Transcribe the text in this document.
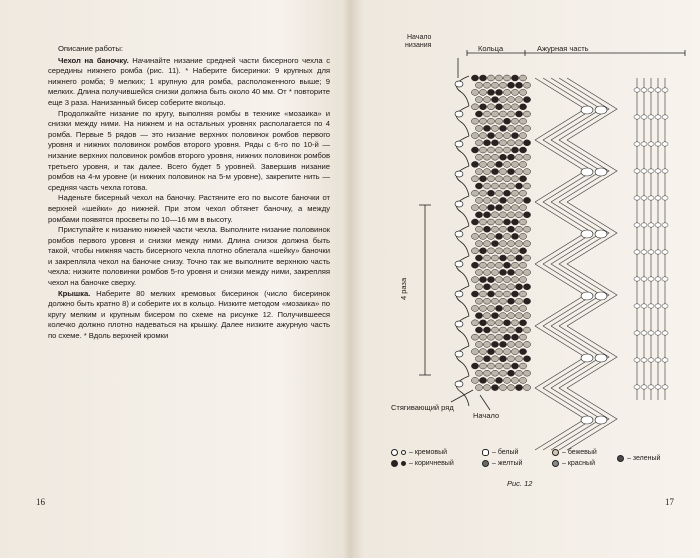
Описание работы:

Чехол на баночку. Начинайте низание средней части бисерного чехла с середины нижнего ромба (рис. 11). * Наберите бисеринки: 9 крупных для нижнего ромба; 9 мелких; 1 крупную для ромба, расположенного выше; 9 мелких. Длина получившейся снизки должна быть около 40 мм. От * повторите еще 3 раза. Нанизанный бисер соберите вкольцо.

Продолжайте низание по кругу, выполняя ромбы в технике «мозаика» и снизки между ними. На нижнем и на остальных уровнях располагается по 4 ромба. Первые 5 рядов — это низание верхних половинок ромбов первого уровня и нижних половинок ромбов второго уровня. Ряды с 6-го по 10-й — низание верхних половинок ромбов второго уровня, нижних половинок ромбов третьего уровня, и так далее. Всего будет 5 уровней. Завершив низание ромбов на 4-м уровне (и нижних половинок на 5-м уровне), закрепите нить — средняя часть чехла готова.

Наденьте бисерный чехол на баночку. Растяните его по высоте баночки от верхней «шейки» до нижней. При этом чехол обтянет баночку, а между ромбами появятся просветы по 10—16 мм в высоту.

Приступайте к низанию нижней части чехла. Выполните низание половинок ромбов первого уровня и снизки между ними. Длина снизок должна быть такой, чтобы нижняя часть бисерного чехла плотно облегала «шейку» баночки и закрепляла чехол на баночке снизу. Точно так же выполните верхнюю часть чехла: низките половинки ромбов 5-го уровня и снизки между ними, закрепляя чехол на баночке сверху.

Крышка. Наберите 80 мелких кремовых бисеринок (число бисеринок должно быть кратно 8) и соберите их в кольцо. Низките методом «мозаика» по кругу мелким и крупным бисером по схеме на рисунке 12. Получившееся колечко должно плотно надеваться на крышку. Далее низките ажурную часть по схеме. * Вдоль верхней кромки

16
Начало
низания	Кольца	Ажурная часть
4 раза
Стягивающий ряд
Начало
– кремовый
– коричневый
– белый
– желтый
– бежевый
– красный
– зеленый
Рис. 12
17
